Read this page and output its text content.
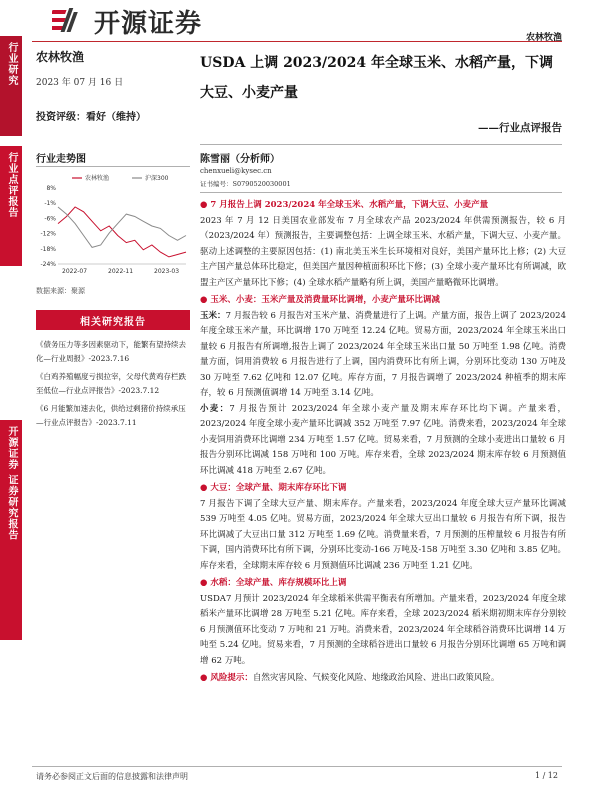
行业研究
行业点评报告
开源证券 证券研究报告
开源证券	农林牧渔
农林牧渔
2023 年 07 月 16 日
投资评级：看好（维持）
行业走势图
8%
-1%
-6%
-12%
-18%
-24%
2022-07	2022-11	2023-03
农林牧渔	沪深300
数据来源：聚源
相关研究报告
《债务压力等多因素驱动下，能繁有望持续去化—行业周报》-2023.7.16
《白鸡养殖幅度亏损拉宰，父母代黄鸡存栏跌至低位—行业点评报告》-2023.7.12
《6 月能繁加速去化，供给过剩猪价持续承压—行业点评报告》-2023.7.11
USDA 上调 2023/2024 年全球玉米、水稻产量，下调大豆、小麦产量
——行业点评报告
陈雪丽（分析师）
chenxueli@kysec.cn
证书编号：S0790520030001

● 7 月报告上调 2023/2024 年全球玉米、水稻产量，下调大豆、小麦产量

2023 年 7 月 12 日美国农业部发布 7 月全球农产品 2023/2024 年供需预测报告，较 6 月（2023/2024 年）预测报告，主要调整包括：上调全球玉米、水稻产量，下调大豆、小麦产量。驱动上述调整的主要原因包括：(1) 南北美玉米生长环境相对良好，美国产量环比上修；(2) 大豆主产国产量总体环比稳定，但美国产量因种植面积环比下修；(3) 全球小麦产量环比有所调减，欧盟主产区产量环比下修；(4) 全球水稻产量略有所上调，美国产量略微环比调增。

● 玉米、小麦：玉米产量及消费量环比调增，小麦产量环比调减

玉米：7 月报告较 6 月报告对玉米产量、消费量进行了上调。产量方面，报告上调了 2023/2024 年度全球玉米产量，环比调增 170 万吨至 12.24 亿吨。贸易方面，2023/2024 年全球玉米出口量较 6 月报告有所调增,报告上调了 2023/2024 年全球玉米出口量 50 万吨至 1.98 亿吨。消费量方面，饲用消费较 6 月报告进行了上调，国内消费环比有所上调，分别环比变动 130 万吨及 30 万吨至 7.62 亿吨和 12.07 亿吨。库存方面，7 月报告调增了 2023/2024 种植季的期末库存，较 6 月预测值调增 14 万吨至 3.14 亿吨。

小麦：7 月报告预计 2023/2024 年全球小麦产量及期末库存环比均下调。产量来看，2023/2024 年度全球小麦产量环比调减 352 万吨至 7.97 亿吨。消费来看，2023/2024 年全球小麦饲用消费环比调增 234 万吨至 1.57 亿吨。贸易来看，7 月预测的全球小麦进出口量较 6 月报告分别环比调减 158 万吨和 100 万吨。库存来看，全球 2023/2024 期末库存较 6 月预测值环比调减 418 万吨至 2.67 亿吨。

● 大豆：全球产量、期末库存环比下调

7 月报告下调了全球大豆产量、期末库存。产量来看，2023/2024 年度全球大豆产量环比调减 539 万吨至 4.05 亿吨。贸易方面，2023/2024 年全球大豆出口量较 6 月报告有所下调，报告环比调减了大豆出口量 312 万吨至 1.69 亿吨。消费量来看，7 月预测的压榨量较 6 月报告有所下调，国内消费环比有所下调，分别环比变动-166 万吨及-158 万吨至 3.30 亿吨和 3.85 亿吨。库存来看，全球期末库存较 6 月预测值环比调减 236 万吨至 1.21 亿吨。

● 水稻：全球产量、库存规模环比上调

USDA7 月预计 2023/2024 年全球稻米供需平衡表有所增加。产量来看，2023/2024 年度全球稻米产量环比调增 28 万吨至 5.21 亿吨。库存来看，全球 2023/2024 稻米期初期末库存分别较 6 月预测值环比变动 7 万吨和 21 万吨。消费来看，2023/2024 年全球稻谷消费环比调增 14 万吨至 5.24 亿吨。贸易来看，7 月预测的全球稻谷进出口量较 6 月报告分别环比调增 65 万吨和调增 62 万吨。

● 风险提示：自然灾害风险、气候变化风险、地缘政治风险、进出口政策风险。

请务必参阅正文后面的信息披露和法律声明	1 / 12
